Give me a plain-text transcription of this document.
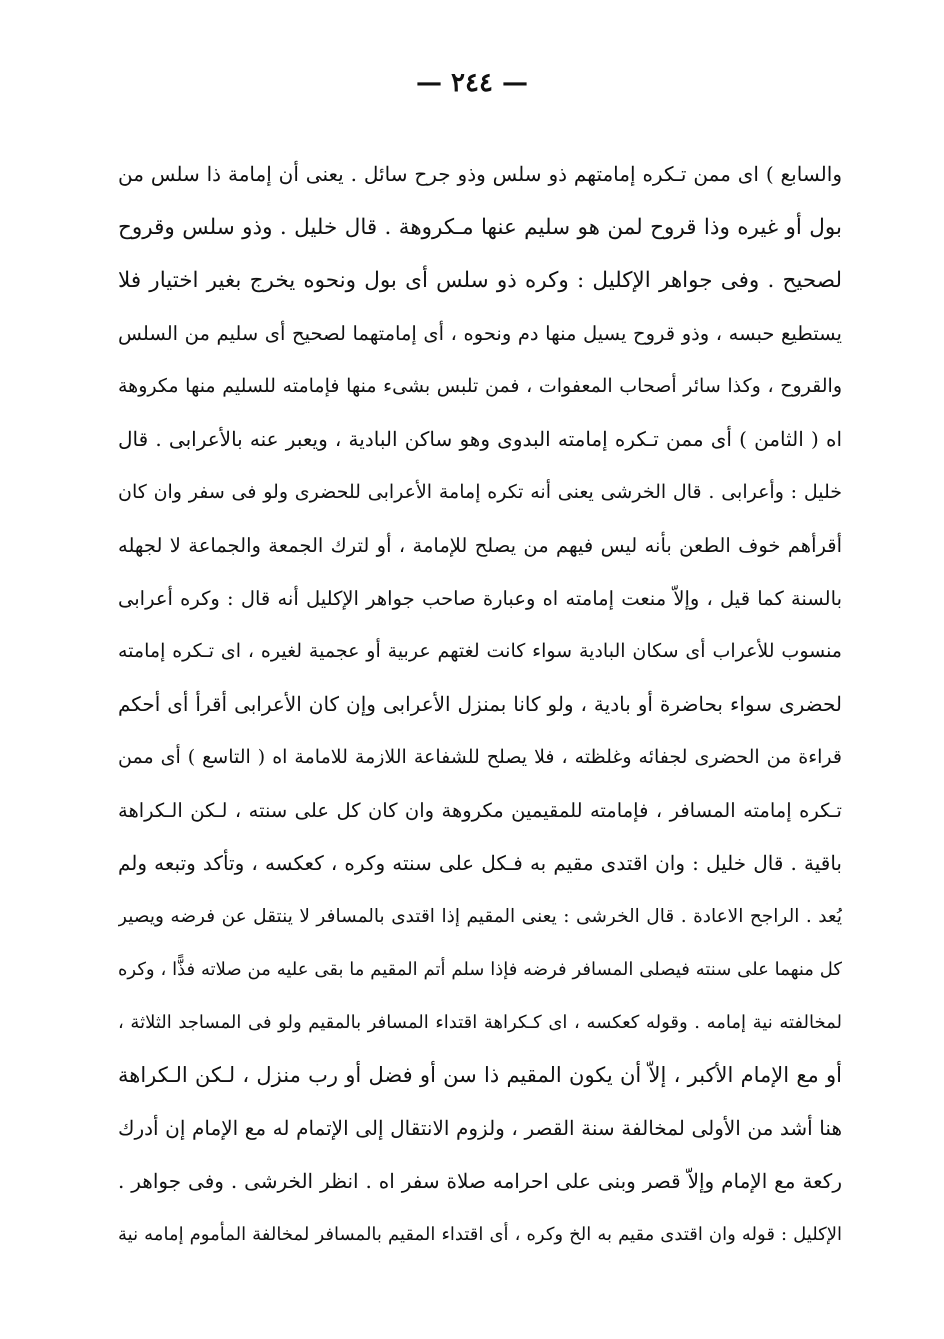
— ٢٤٤ —
والسابع ) اى ممن تـكره إمامتهم ذو سلس وذو جرح سائل . يعنى أن إمامة ذا سلس من
بول أو غيره وذا قروح لمن هو سليم عنها مـكروهة . قال خليل . وذو سلس وقروح
لصحيح . وفى جواهر الإكليل : وكره ذو سلس أى بول ونحوه يخرج بغير اختيار فلا
يستطيع حبسه ، وذو قروح يسيل منها دم ونحوه ، أى إمامتهما لصحيح أى سليم من السلس
والقروح ، وكذا سائر أصحاب المعفوات ، فمن تلبس بشىء منها فإمامته للسليم منها مكروهة
اه ( الثامن ) أى ممن تـكره إمامته البدوى وهو ساكن البادية ، ويعبر عنه بالأعرابى . قال
خليل : وأعرابى . قال الخرشى يعنى أنه تكره إمامة الأعرابى للحضرى ولو فى سفر وان كان
أقرأهم خوف الطعن بأنه ليس فيهم من يصلح للإمامة ، أو لترك الجمعة والجماعة لا لجهله
بالسنة كما قيل ، وإلاّ منعت إمامته اه وعبارة صاحب جواهر الإكليل أنه قال : وكره أعرابى
منسوب للأعراب أى سكان البادية سواء كانت لغتهم عربية أو عجمية لغيره ، اى تـكره إمامته
لحضرى سواء بحاضرة أو بادية ، ولو كانا بمنزل الأعرابى وإن كان الأعرابى أقرأ أى أحكم
قراءة من الحضرى لجفائه وغلظته ، فلا يصلح للشفاعة اللازمة للامامة اه ( التاسع ) أى ممن
تـكره إمامته المسافر ، فإمامته للمقيمين مكروهة وان كان كل على سنته ، لـكن الـكراهة
باقية . قال خليل : وان اقتدى مقيم به فـكل على سنته وكره ، كعكسه ، وتأكد وتبعه ولم
يُعد . الراجح الاعادة . قال الخرشى : يعنى المقيم إذا اقتدى بالمسافر لا ينتقل عن فرضه ويصير
كل منهما على سنته فيصلى المسافر فرضه فإذا سلم أتم المقيم ما بقى عليه من صلاته فذًّا ، وكره
لمخالفته نية إمامه . وقوله كعكسه ، اى كـكراهة اقتداء المسافر بالمقيم ولو فى المساجد الثلاثة ،
أو مع الإمام الأكبر ، إلاّ أن يكون المقيم ذا سن أو فضل أو رب منزل ، لـكن الـكراهة
هنا أشد من الأولى لمخالفة سنة القصر ، ولزوم الانتقال إلى الإتمام له مع الإمام إن أدرك
ركعة مع الإمام وإلاّ قصر وبنى على احرامه صلاة سفر اه . انظر الخرشى . وفى جواهر .
الإكليل : قوله وان اقتدى مقيم به الخ وكره ، أى اقتداء المقيم بالمسافر لمخالفة المأموم إمامه نية
